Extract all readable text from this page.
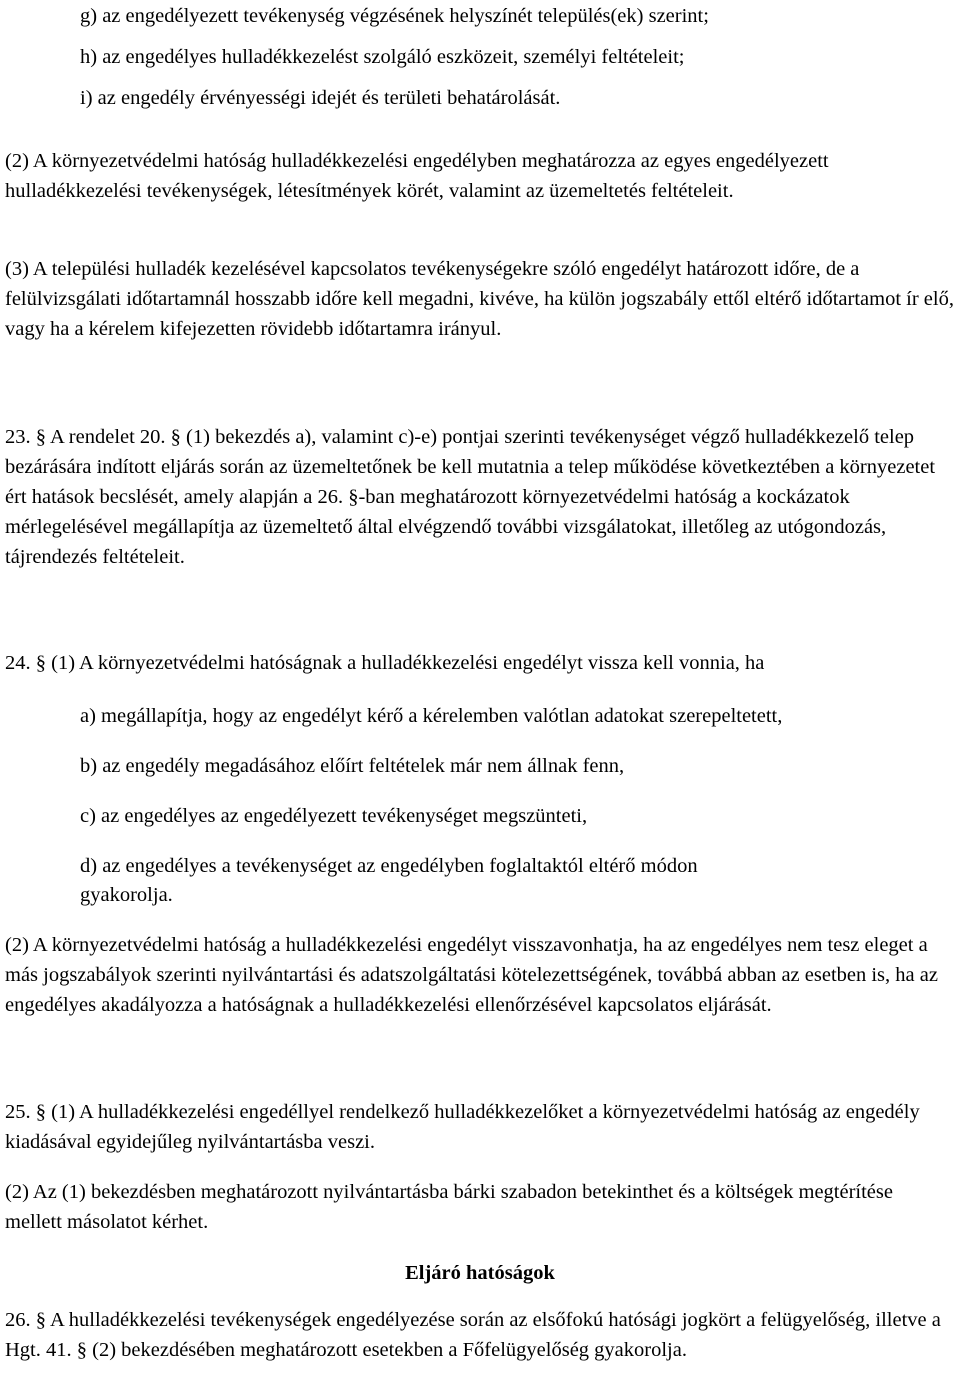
g) az engedélyezett tevékenység végzésének helyszínét település(ek) szerint;
h) az engedélyes hulladékkezelést szolgáló eszközeit, személyi feltételeit;
i) az engedély érvényességi idejét és területi behatárolását.

(2) A környezetvédelmi hatóság hulladékkezelési engedélyben meghatározza az egyes engedélyezett hulladékkezelési tevékenységek, létesítmények körét, valamint az üzemeltetés feltételeit.

(3) A települési hulladék kezelésével kapcsolatos tevékenységekre szóló engedélyt határozott időre, de a felülvizsgálati időtartamnál hosszabb időre kell megadni, kivéve, ha külön jogszabály ettől eltérő időtartamot ír elő, vagy ha a kérelem kifejezetten rövidebb időtartamra irányul.

23. § A rendelet 20. § (1) bekezdés a), valamint c)-e) pontjai szerinti tevékenységet végző hulladékkezelő telep bezárására indított eljárás során az üzemeltetőnek be kell mutatnia a telep működése következtében a környezetet ért hatások becslését, amely alapján a 26. §-ban meghatározott környezetvédelmi hatóság a kockázatok mérlegelésével megállapítja az üzemeltető által elvégzendő további vizsgálatokat, illetőleg az utógondozás, tájrendezés feltételeit.

24. § (1) A környezetvédelmi hatóságnak a hulladékkezelési engedélyt vissza kell vonnia, ha
a) megállapítja, hogy az engedélyt kérő a kérelemben valótlan adatokat szerepeltetett,
b) az engedély megadásához előírt feltételek már nem állnak fenn,
c) az engedélyes az engedélyezett tevékenységet megszünteti,
d) az engedélyes a tevékenységet az engedélyben foglaltaktól eltérő módon
gyakorolja.

(2) A környezetvédelmi hatóság a hulladékkezelési engedélyt visszavonhatja, ha az engedélyes nem tesz eleget a más jogszabályok szerinti nyilvántartási és adatszolgáltatási kötelezettségének, továbbá abban az esetben is, ha az engedélyes akadályozza a hatóságnak a hulladékkezelési ellenőrzésével kapcsolatos eljárását.

25. § (1) A hulladékkezelési engedéllyel rendelkező hulladékkezelőket a környezetvédelmi hatóság az engedély kiadásával egyidejűleg nyilvántartásba veszi.

(2) Az (1) bekezdésben meghatározott nyilvántartásba bárki szabadon betekinthet és a költségek megtérítése mellett másolatot kérhet.

Eljáró hatóságok

26. § A hulladékkezelési tevékenységek engedélyezése során az elsőfokú hatósági jogkört a felügyelőség, illetve a Hgt. 41. § (2) bekezdésében meghatározott esetekben a Főfelügyelőség gyakorolja.
